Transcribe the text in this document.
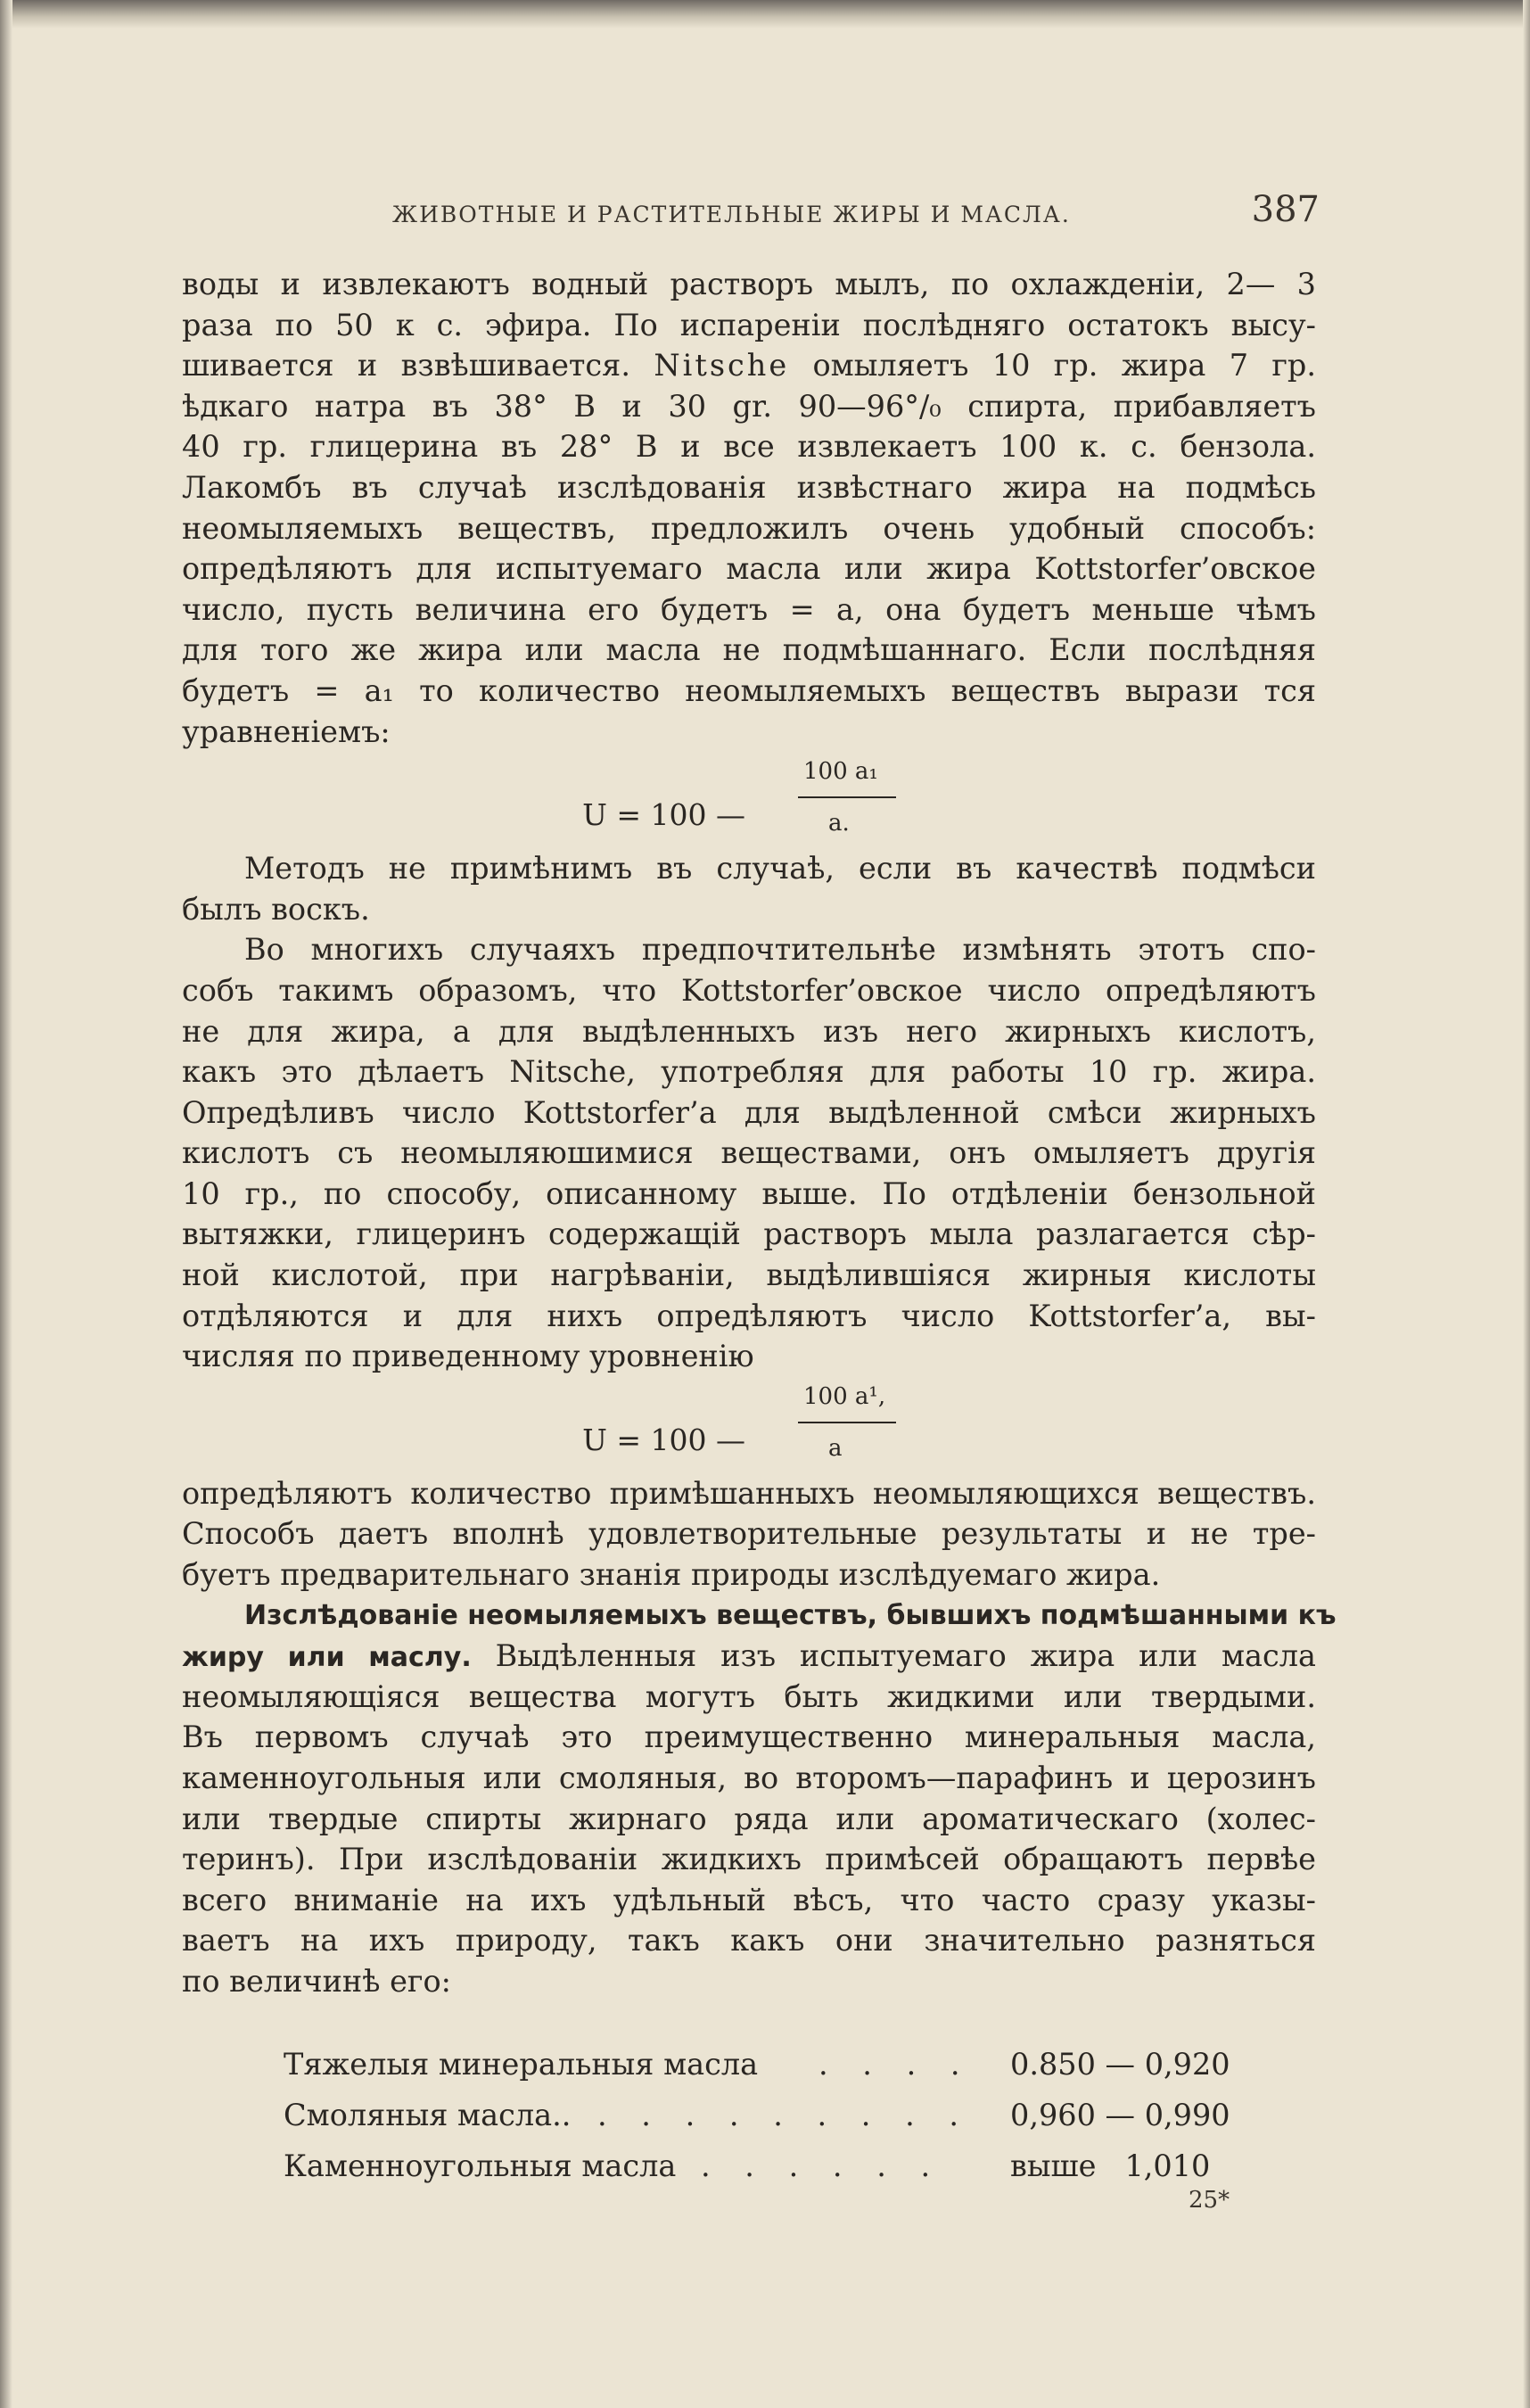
ЖИВОТНЫЕ И РАСТИТЕЛЬНЫЕ ЖИРЫ И МАСЛА.	387
воды и извлекаютъ водный растворъ мылъ, по охлажденіи, 2— 3
раза по 50 к с. эфира. По испареніи послѣдняго остатокъ высу-
шивается и взвѣшивается. Nitsche омыляетъ 10 гр. жира 7 гр.
ѣдкаго натра въ 38° В и 30 gr. 90—96°/₀ спирта, прибавляетъ
40 гр. глицерина въ 28° В и все извлекаетъ 100 к. с. бензола.
Лакомбъ въ случаѣ изслѣдованія извѣстнаго жира на подмѣсь
неомыляемыхъ веществъ, предложилъ очень удобный способъ:
опредѣляютъ для испытуемаго масла или жира Kottstorfer’овское
число, пусть величина его будетъ = a, она будетъ меньше чѣмъ
для того же жира или масла не подмѣшаннаго. Если послѣдняя
будетъ = a₁ то количество неомыляемыхъ веществъ вырази тся
уравненіемъ:
U = 100 —
100 a₁
a.
Методъ не примѣнимъ въ случаѣ, если въ качествѣ подмѣси
былъ воскъ.
Во многихъ случаяхъ предпочтительнѣе измѣнять этотъ спо-
собъ такимъ образомъ, что Kottstorfer’овское число опредѣляютъ
не для жира, а для выдѣленныхъ изъ него жирныхъ кислотъ,
какъ это дѣлаетъ Nitsche, употребляя для работы 10 гр. жира.
Опредѣливъ число Kottstorfer’a для выдѣленной смѣси жирныхъ
кислотъ съ неомыляюшимися веществами, онъ омыляетъ другія
10 гр., по способу, описанному выше. По отдѣленіи бензольной
вытяжки, глицеринъ содержащій растворъ мыла разлагается сѣр-
ной кислотой, при нагрѣваніи, выдѣлившіяся жирныя кислоты
отдѣляются и для нихъ опредѣляютъ число Kottstorfer’a, вы-
числяя по приведенному уровненію
U = 100 —
100 a¹,
a
опредѣляютъ количество примѣшанныхъ неомыляющихся веществъ.
Способъ даетъ вполнѣ удовлетворительные результаты и не тре-
буетъ предварительнаго знанія природы изслѣдуемаго жира.
Изслѣдованіе неомыляемыхъ веществъ, бывшихъ подмѣшанными къ
жиру или маслу. Выдѣленныя изъ испытуемаго жира или масла
неомыляющіяся вещества могутъ быть жидкими или твердыми.
Въ первомъ случаѣ это преимущественно минеральныя масла,
каменноугольныя или смоляныя, во второмъ—парафинъ и церозинъ
или твердые спирты жирнаго ряда или ароматическаго (холес-
теринъ). При изслѣдованіи жидкихъ примѣсей обращаютъ первѣе
всего вниманіе на ихъ удѣльный вѣсъ, что часто сразу указы-
ваетъ на ихъ природу, такъ какъ они значительно разняться
по величинѣ его:
Тяжелыя минеральныя масла . . . . 0.850 — 0,920
Смоляныя масла.. . . . . . . . . . 0,960 — 0,990
Каменноугольныя масла . . . . . . выше   1,010
25*
